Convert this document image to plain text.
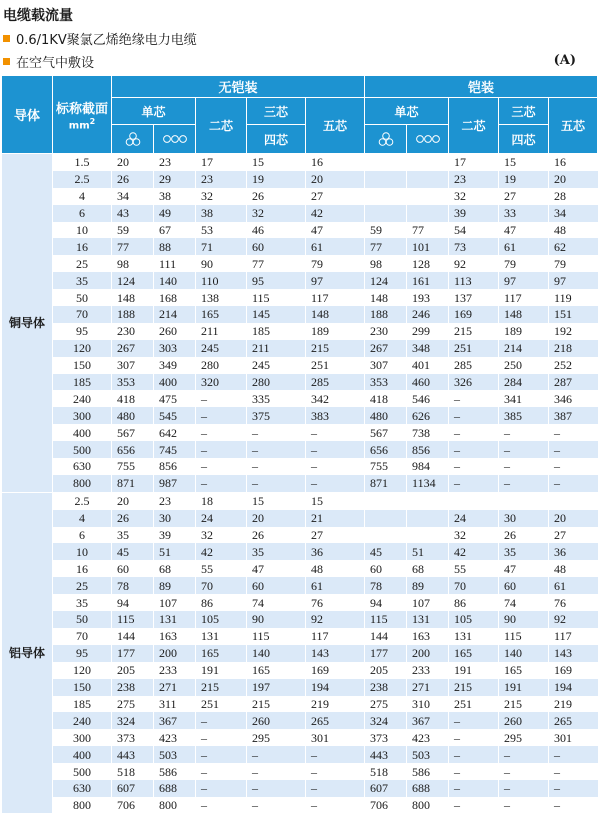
电缆载流量
0.6/1KV聚氯乙烯绝缘电力电缆
在空气中敷设	(A)
导体	标称截面
$mm^2$	无铠装					铠装				
		单芯		二芯	三芯	五芯	单芯		二芯	三芯	五芯

	四芯					四芯	
铜导体	1.5	20	23	17	15	16			17	15	16
	2.5	26	29	23	19	20			23	19	20
	4	34	38	32	26	27			32	27	28
	6	43	49	38	32	42			39	33	34
	10	59	67	53	46	47	59	77	54	47	48
	16	77	88	71	60	61	77	101	73	61	62
	25	98	111	90	77	79	98	128	92	79	79
	35	124	140	110	95	97	124	161	113	97	97
	50	148	168	138	115	117	148	193	137	117	119
	70	188	214	165	145	148	188	246	169	148	151
	95	230	260	211	185	189	230	299	215	189	192
	120	267	303	245	211	215	267	348	251	214	218
	150	307	349	280	245	251	307	401	285	250	252
	185	353	400	320	280	285	353	460	326	284	287
	240	418	475	–	335	342	418	546	–	341	346
	300	480	545	–	375	383	480	626	–	385	387
	400	567	642	–	–	–	567	738	–	–	–
	500	656	745	–	–	–	656	856	–	–	–
	630	755	856	–	–	–	755	984	–	–	–
	800	871	987	–	–	–	871	1134	–	–	–
铝导体	2.5	20	23	18	15	15					
	4	26	30	24	20	21			24	30	20
	6	35	39	32	26	27			32	26	27
	10	45	51	42	35	36	45	51	42	35	36
	16	60	68	55	47	48	60	68	55	47	48
	25	78	89	70	60	61	78	89	70	60	61
	35	94	107	86	74	76	94	107	86	74	76
	50	115	131	105	90	92	115	131	105	90	92
	70	144	163	131	115	117	144	163	131	115	117
	95	177	200	165	140	143	177	200	165	140	143
	120	205	233	191	165	169	205	233	191	165	169
	150	238	271	215	197	194	238	271	215	191	194
	185	275	311	251	215	219	275	310	251	215	219
	240	324	367	–	260	265	324	367	–	260	265
	300	373	423	–	295	301	373	423	–	295	301
	400	443	503	–	–	–	443	503	–	–	–
	500	518	586	–	–	–	518	586	–	–	–
	630	607	688	–	–	–	607	688	–	–	–
	800	706	800	–	–	–	706	800	–	–	–
